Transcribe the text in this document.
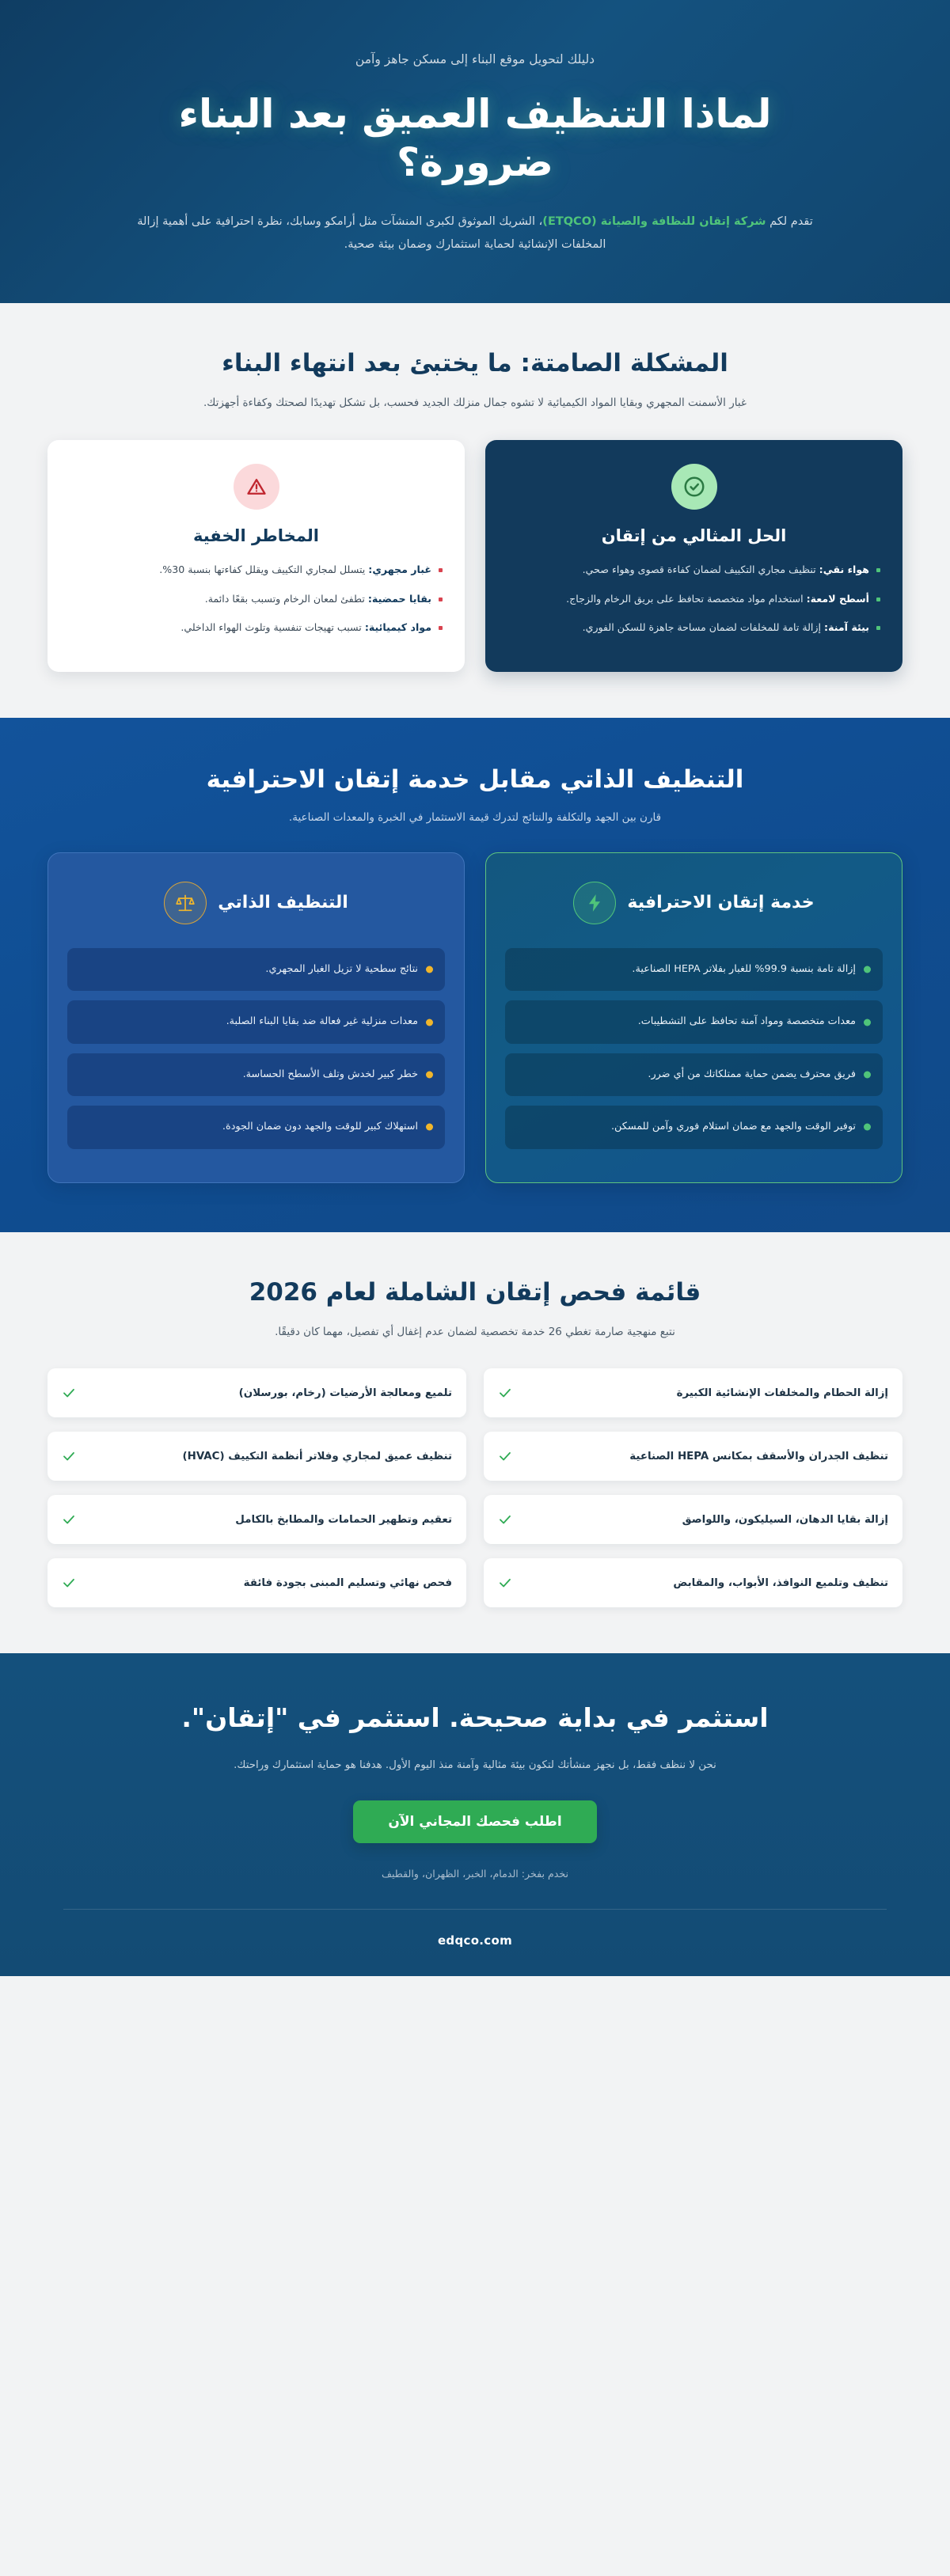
دليلك لتحويل موقع البناء إلى مسكن جاهز وآمن
لماذا التنظيف العميق بعد البناء ضرورة؟

تقدم لكم شركة إتقان للنظافة والصيانة (ETQCO)، الشريك الموثوق لكبرى المنشآت مثل أرامكو وسابك، نظرة احترافية على أهمية إزالة المخلفات الإنشائية لحماية استثمارك وضمان بيئة صحية.

المشكلة الصامتة: ما يختبئ بعد انتهاء البناء

غبار الأسمنت المجهري وبقايا المواد الكيميائية لا تشوه جمال منزلك الجديد فحسب، بل تشكل تهديدًا لصحتك وكفاءة أجهزتك.

الحل المثالي من إتقان
هواء نقي: تنظيف مجاري التكييف لضمان كفاءة قصوى وهواء صحي.
أسطح لامعة: استخدام مواد متخصصة تحافظ على بريق الرخام والزجاج.
بيئة آمنة: إزالة تامة للمخلفات لضمان مساحة جاهزة للسكن الفوري.
المخاطر الخفية
غبار مجهري: يتسلل لمجاري التكييف ويقلل كفاءتها بنسبة 30%.
بقايا حمضية: تطفئ لمعان الرخام وتسبب بقعًا دائمة.
مواد كيميائية: تسبب تهيجات تنفسية وتلوث الهواء الداخلي.
التنظيف الذاتي مقابل خدمة إتقان الاحترافية

قارن بين الجهد والتكلفة والنتائج لتدرك قيمة الاستثمار في الخبرة والمعدات الصناعية.

خدمة إتقان الاحترافية
إزالة تامة بنسبة 99.9% للغبار بفلاتر HEPA الصناعية.
معدات متخصصة ومواد آمنة تحافظ على التشطيبات.
فريق محترف يضمن حماية ممتلكاتك من أي ضرر.
توفير الوقت والجهد مع ضمان استلام فوري وآمن للمسكن.
التنظيف الذاتي
نتائج سطحية لا تزيل الغبار المجهري.
معدات منزلية غير فعالة ضد بقايا البناء الصلبة.
خطر كبير لخدش وتلف الأسطح الحساسة.
استهلاك كبير للوقت والجهد دون ضمان الجودة.
قائمة فحص إتقان الشاملة لعام 2026

نتبع منهجية صارمة تغطي 26 خدمة تخصصية لضمان عدم إغفال أي تفصيل، مهما كان دقيقًا.

إزالة الحطام والمخلفات الإنشائية الكبيرة
تلميع ومعالجة الأرضيات (رخام، بورسلان)
تنظيف الجدران والأسقف بمكانس HEPA الصناعية
تنظيف عميق لمجاري وفلاتر أنظمة التكييف (HVAC)
إزالة بقايا الدهان، السيليكون، واللواصق
تعقيم وتطهير الحمامات والمطابخ بالكامل
تنظيف وتلميع النوافذ، الأبواب، والمقابض
فحص نهائي وتسليم المبنى بجودة فائقة
استثمر في بداية صحيحة. استثمر في "إتقان".

نحن لا ننظف فقط، بل نجهز منشأتك لتكون بيئة مثالية وآمنة منذ اليوم الأول. هدفنا هو حماية استثمارك وراحتك.

اطلب فحصك المجاني الآن

نخدم بفخر: الدمام، الخبر، الظهران، والقطيف

edqco.com
